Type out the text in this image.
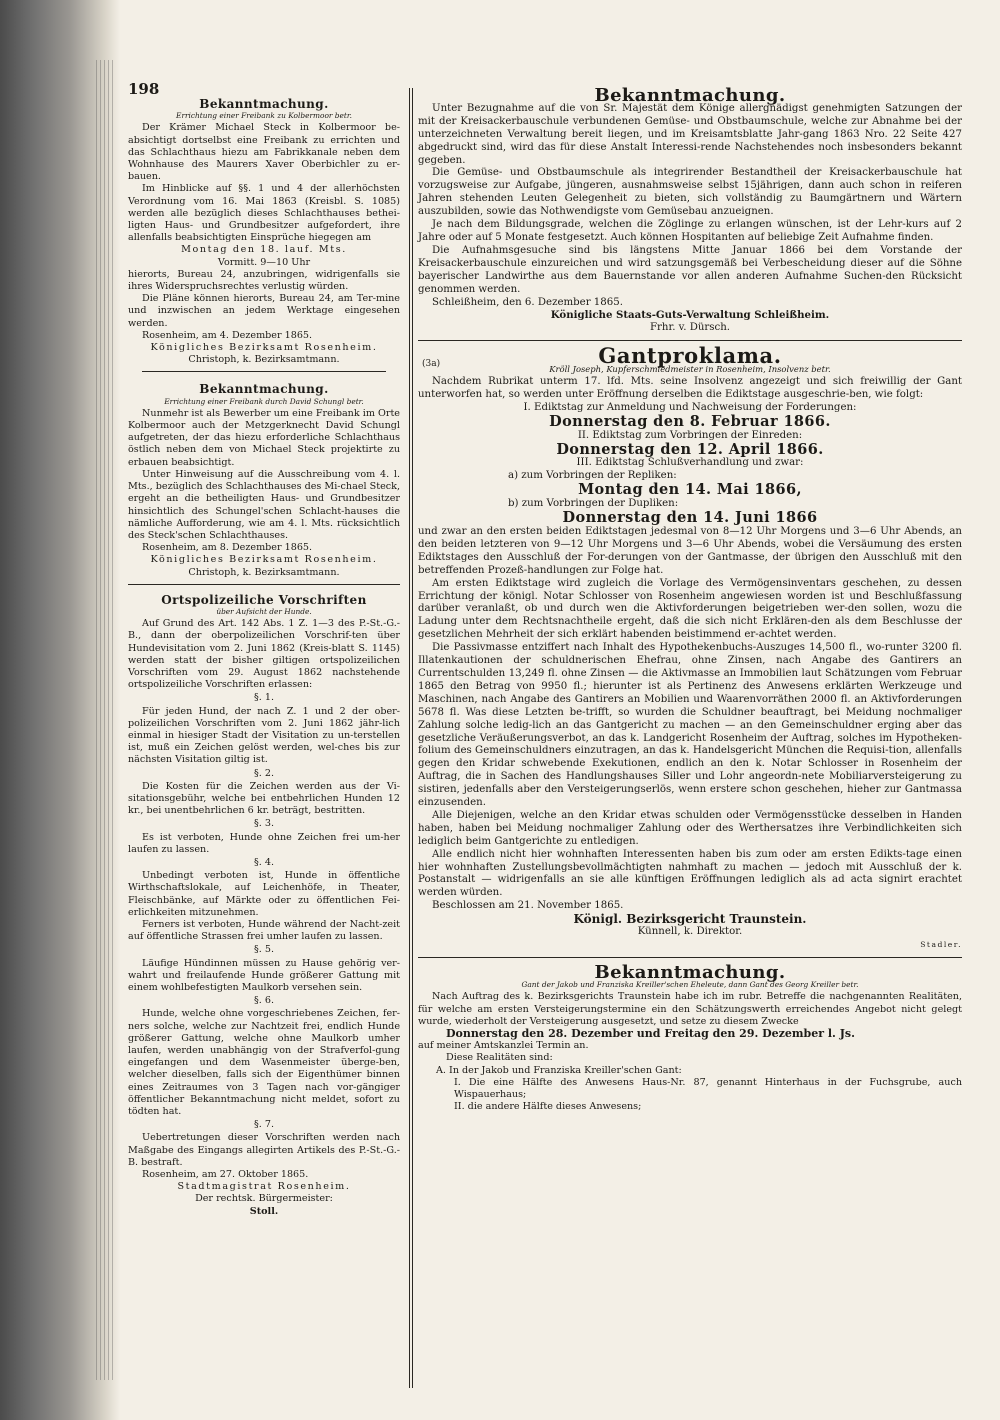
198
Bekanntmachung.
Errichtung einer Freibank zu Kolbermoor betr.

Der Krämer Michael Steck in Kolbermoor be-absichtigt dortselbst eine Freibank zu errichten und das Schlachthaus hiezu am Fabrikkanale neben dem Wohnhause des Maurers Xaver Oberbichler zu er-bauen.

Im Hinblicke auf §§. 1 und 4 der allerhöchsten Verordnung vom 16. Mai 1863 (Kreisbl. S. 1085) werden alle bezüglich dieses Schlachthauses bethei-ligten Haus- und Grundbesitzer aufgefordert, ihre allenfalls beabsichtigten Einsprüche hiegegen am

Montag den 18. lauf. Mts.

Vormitt. 9—10 Uhr

hierorts, Bureau 24, anzubringen, widrigenfalls sie ihres Widerspruchsrechtes verlustig würden.

Die Pläne können hierorts, Bureau 24, am Ter-mine und inzwischen an jedem Werktage eingesehen werden.

Rosenheim, am 4. Dezember 1865.

Königliches Bezirksamt Rosenheim.

Christoph, k. Bezirksamtmann.

Bekanntmachung.
Errichtung einer Freibank durch David Schungl betr.

Nunmehr ist als Bewerber um eine Freibank im Orte Kolbermoor auch der Metzgerknecht David Schungl aufgetreten, der das hiezu erforderliche Schlachthaus östlich neben dem von Michael Steck projektirte zu erbauen beabsichtigt.

Unter Hinweisung auf die Ausschreibung vom 4. l. Mts., bezüglich des Schlachthauses des Mi-chael Steck, ergeht an die betheiligten Haus- und Grundbesitzer hinsichtlich des Schungel'schen Schlacht-hauses die nämliche Aufforderung, wie am 4. l. Mts. rücksichtlich des Steck'schen Schlachthauses.

Rosenheim, am 8. Dezember 1865.

Königliches Bezirksamt Rosenheim.

Christoph, k. Bezirksamtmann.

Ortspolizeiliche Vorschriften
über Aufsicht der Hunde.

Auf Grund des Art. 142 Abs. 1 Z. 1—3 des P.-St.-G.-B., dann der oberpolizeilichen Vorschrif-ten über Hundevisitation vom 2. Juni 1862 (Kreis-blatt S. 1145) werden statt der bisher giltigen ortspolizeilichen Vorschriften vom 29. August 1862 nachstehende ortspolizeiliche Vorschriften erlassen:

§. 1.

Für jeden Hund, der nach Z. 1 und 2 der ober-polizeilichen Vorschriften vom 2. Juni 1862 jähr-lich einmal in hiesiger Stadt der Visitation zu un-terstellen ist, muß ein Zeichen gelöst werden, wel-ches bis zur nächsten Visitation giltig ist.

§. 2.

Die Kosten für die Zeichen werden aus der Vi-sitationsgebühr, welche bei entbehrlichen Hunden 12 kr., bei unentbehrlichen 6 kr. beträgt, bestritten.

§. 3.

Es ist verboten, Hunde ohne Zeichen frei um-her laufen zu lassen.

§. 4.

Unbedingt verboten ist, Hunde in öffentliche Wirthschaftslokale, auf Leichenhöfe, in Theater, Fleischbänke, auf Märkte oder zu öffentlichen Fei-erlichkeiten mitzunehmen.

Ferners ist verboten, Hunde während der Nacht-zeit auf öffentliche Strassen frei umher laufen zu lassen.

§. 5.

Läufige Hündinnen müssen zu Hause gehörig ver-wahrt und freilaufende Hunde größerer Gattung mit einem wohlbefestigten Maulkorb versehen sein.

§. 6.

Hunde, welche ohne vorgeschriebenes Zeichen, fer-ners solche, welche zur Nachtzeit frei, endlich Hunde größerer Gattung, welche ohne Maulkorb umher laufen, werden unabhängig von der Strafverfol-gung eingefangen und dem Wasenmeister überge-ben, welcher dieselben, falls sich der Eigenthümer binnen eines Zeitraumes von 3 Tagen nach vor-gängiger öffentlicher Bekanntmachung nicht meldet, sofort zu tödten hat.

§. 7.

Uebertretungen dieser Vorschriften werden nach Maßgabe des Eingangs allegirten Artikels des P.-St.-G.-B. bestraft.

Rosenheim, am 27. Oktober 1865.

Stadtmagistrat Rosenheim.

Der rechtsk. Bürgermeister:

Stoll.

Bekanntmachung.

Unter Bezugnahme auf die von Sr. Majestät dem Könige allergnädigst genehmigten Satzungen der mit der Kreisackerbauschule verbundenen Gemüse- und Obstbaumschule, welche zur Abnahme bei der unterzeichneten Verwaltung bereit liegen, und im Kreisamtsblatte Jahr-gang 1863 Nro. 22 Seite 427 abgedruckt sind, wird das für diese Anstalt Interessi-rende Nachstehendes noch insbesonders bekannt gegeben.

Die Gemüse- und Obstbaumschule als integrirender Bestandtheil der Kreisackerbauschule hat vorzugsweise zur Aufgabe, jüngeren, ausnahmsweise selbst 15jährigen, dann auch schon in reiferen Jahren stehenden Leuten Gelegenheit zu bieten, sich vollständig zu Baumgärtnern und Wärtern auszubilden, sowie das Nothwendigste vom Gemüsebau anzueignen.

Je nach dem Bildungsgrade, welchen die Zöglinge zu erlangen wünschen, ist der Lehr-kurs auf 2 Jahre oder auf 5 Monate festgesetzt. Auch können Hospitanten auf beliebige Zeit Aufnahme finden.

Die Aufnahmsgesuche sind bis längstens Mitte Januar 1866 bei dem Vorstande der Kreisackerbauschule einzureichen und wird satzungsgemäß bei Verbescheidung dieser auf die Söhne bayerischer Landwirthe aus dem Bauernstande vor allen anderen Aufnahme Suchen-den Rücksicht genommen werden.

Schleißheim, den 6. Dezember 1865.

Königliche Staats-Guts-Verwaltung Schleißheim.

Frhr. v. Dürsch.

(3a)	Gantproklama.
Kröll Joseph, Kupferschmiedmeister in Rosenheim, Insolvenz betr.

Nachdem Rubrikat unterm 17. lfd. Mts. seine Insolvenz angezeigt und sich freiwillig der Gant unterworfen hat, so werden unter Eröffnung derselben die Ediktstage ausgeschrie-ben, wie folgt:

I. Ediktstag zur Anmeldung und Nachweisung der Forderungen:

Donnerstag den 8. Februar 1866.

II. Ediktstag zum Vorbringen der Einreden:

Donnerstag den 12. April 1866.

III. Ediktstag Schlußverhandlung und zwar:

a) zum Vorbringen der Repliken:

Montag den 14. Mai 1866,

b) zum Vorbringen der Dupliken:

Donnerstag den 14. Juni 1866

und zwar an den ersten beiden Ediktstagen jedesmal von 8—12 Uhr Morgens und 3—6 Uhr Abends, an den beiden letzteren von 9—12 Uhr Morgens und 3—6 Uhr Abends, wobei die Versäumung des ersten Ediktstages den Ausschluß der For-derungen von der Gantmasse, der übrigen den Ausschluß mit den betreffenden Prozeß-handlungen zur Folge hat.

Am ersten Ediktstage wird zugleich die Vorlage des Vermögensinventars geschehen, zu dessen Errichtung der königl. Notar Schlosser von Rosenheim angewiesen worden ist und Beschlußfassung darüber veranlaßt, ob und durch wen die Aktivforderungen beigetrieben wer-den sollen, wozu die Ladung unter dem Rechtsnachtheile ergeht, daß die sich nicht Erklären-den als dem Beschlusse der gesetzlichen Mehrheit der sich erklärt habenden beistimmend er-achtet werden.

Die Passivmasse entziffert nach Inhalt des Hypothekenbuchs-Auszuges 14,500 fl., wo-runter 3200 fl. Illatenkautionen der schuldnerischen Ehefrau, ohne Zinsen, nach Angabe des Gantirers an Currentschulden 13,249 fl. ohne Zinsen — die Aktivmasse an Immobilien laut Schätzungen vom Februar 1865 den Betrag von 9950 fl.; hierunter ist als Pertinenz des Anwesens erklärten Werkzeuge und Maschinen, nach Angabe des Gantirers an Mobilien und Waarenvorräthen 2000 fl. an Aktivforderungen 5678 fl. Was diese Letzten be-trifft, so wurden die Schuldner beauftragt, bei Meidung nochmaliger Zahlung solche ledig-lich an das Gantgericht zu machen — an den Gemeinschuldner erging aber das gesetzliche Veräußerungsverbot, an das k. Landgericht Rosenheim der Auftrag, solches im Hypotheken-folium des Gemeinschuldners einzutragen, an das k. Handelsgericht München die Requisi-tion, allenfalls gegen den Kridar schwebende Exekutionen, endlich an den k. Notar Schlosser in Rosenheim der Auftrag, die in Sachen des Handlungshauses Siller und Lohr angeordn-nete Mobiliarversteigerung zu sistiren, jedenfalls aber den Versteigerungserlös, wenn erstere schon geschehen, hieher zur Gantmassa einzusenden.

Alle Diejenigen, welche an den Kridar etwas schulden oder Vermögensstücke desselben in Handen haben, haben bei Meidung nochmaliger Zahlung oder des Werthersatzes ihre Verbindlichkeiten sich lediglich beim Gantgerichte zu entledigen.

Alle endlich nicht hier wohnhaften Interessenten haben bis zum oder am ersten Edikts-tage einen hier wohnhaften Zustellungsbevollmächtigten nahmhaft zu machen — jedoch mit Ausschluß der k. Postanstalt — widrigenfalls an sie alle künftigen Eröffnungen lediglich als ad acta signirt erachtet werden würden.

Beschlossen am 21. November 1865.

Königl. Bezirksgericht Traunstein.

Künnell, k. Direktor.

Stadler.

Bekanntmachung.
Gant der Jakob und Franziska Kreiller'schen Eheleute, dann Gant des Georg Kreiller betr.

Nach Auftrag des k. Bezirksgerichts Traunstein habe ich im rubr. Betreffe die nachgenannten Realitäten, für welche am ersten Versteigerungstermine ein den Schätzungswerth erreichendes Angebot nicht gelegt wurde, wiederholt der Versteigerung ausgesetzt, und setze zu diesem Zwecke

Donnerstag den 28. Dezember und Freitag den 29. Dezember l. Js.

auf meiner Amtskanzlei Termin an.

Diese Realitäten sind:

A. In der Jakob und Franziska Kreiller'schen Gant:

I. Die eine Hälfte des Anwesens Haus-Nr. 87, genannt Hinterhaus in der Fuchsgrube, auch Wispauerhaus;

II. die andere Hälfte dieses Anwesens;
